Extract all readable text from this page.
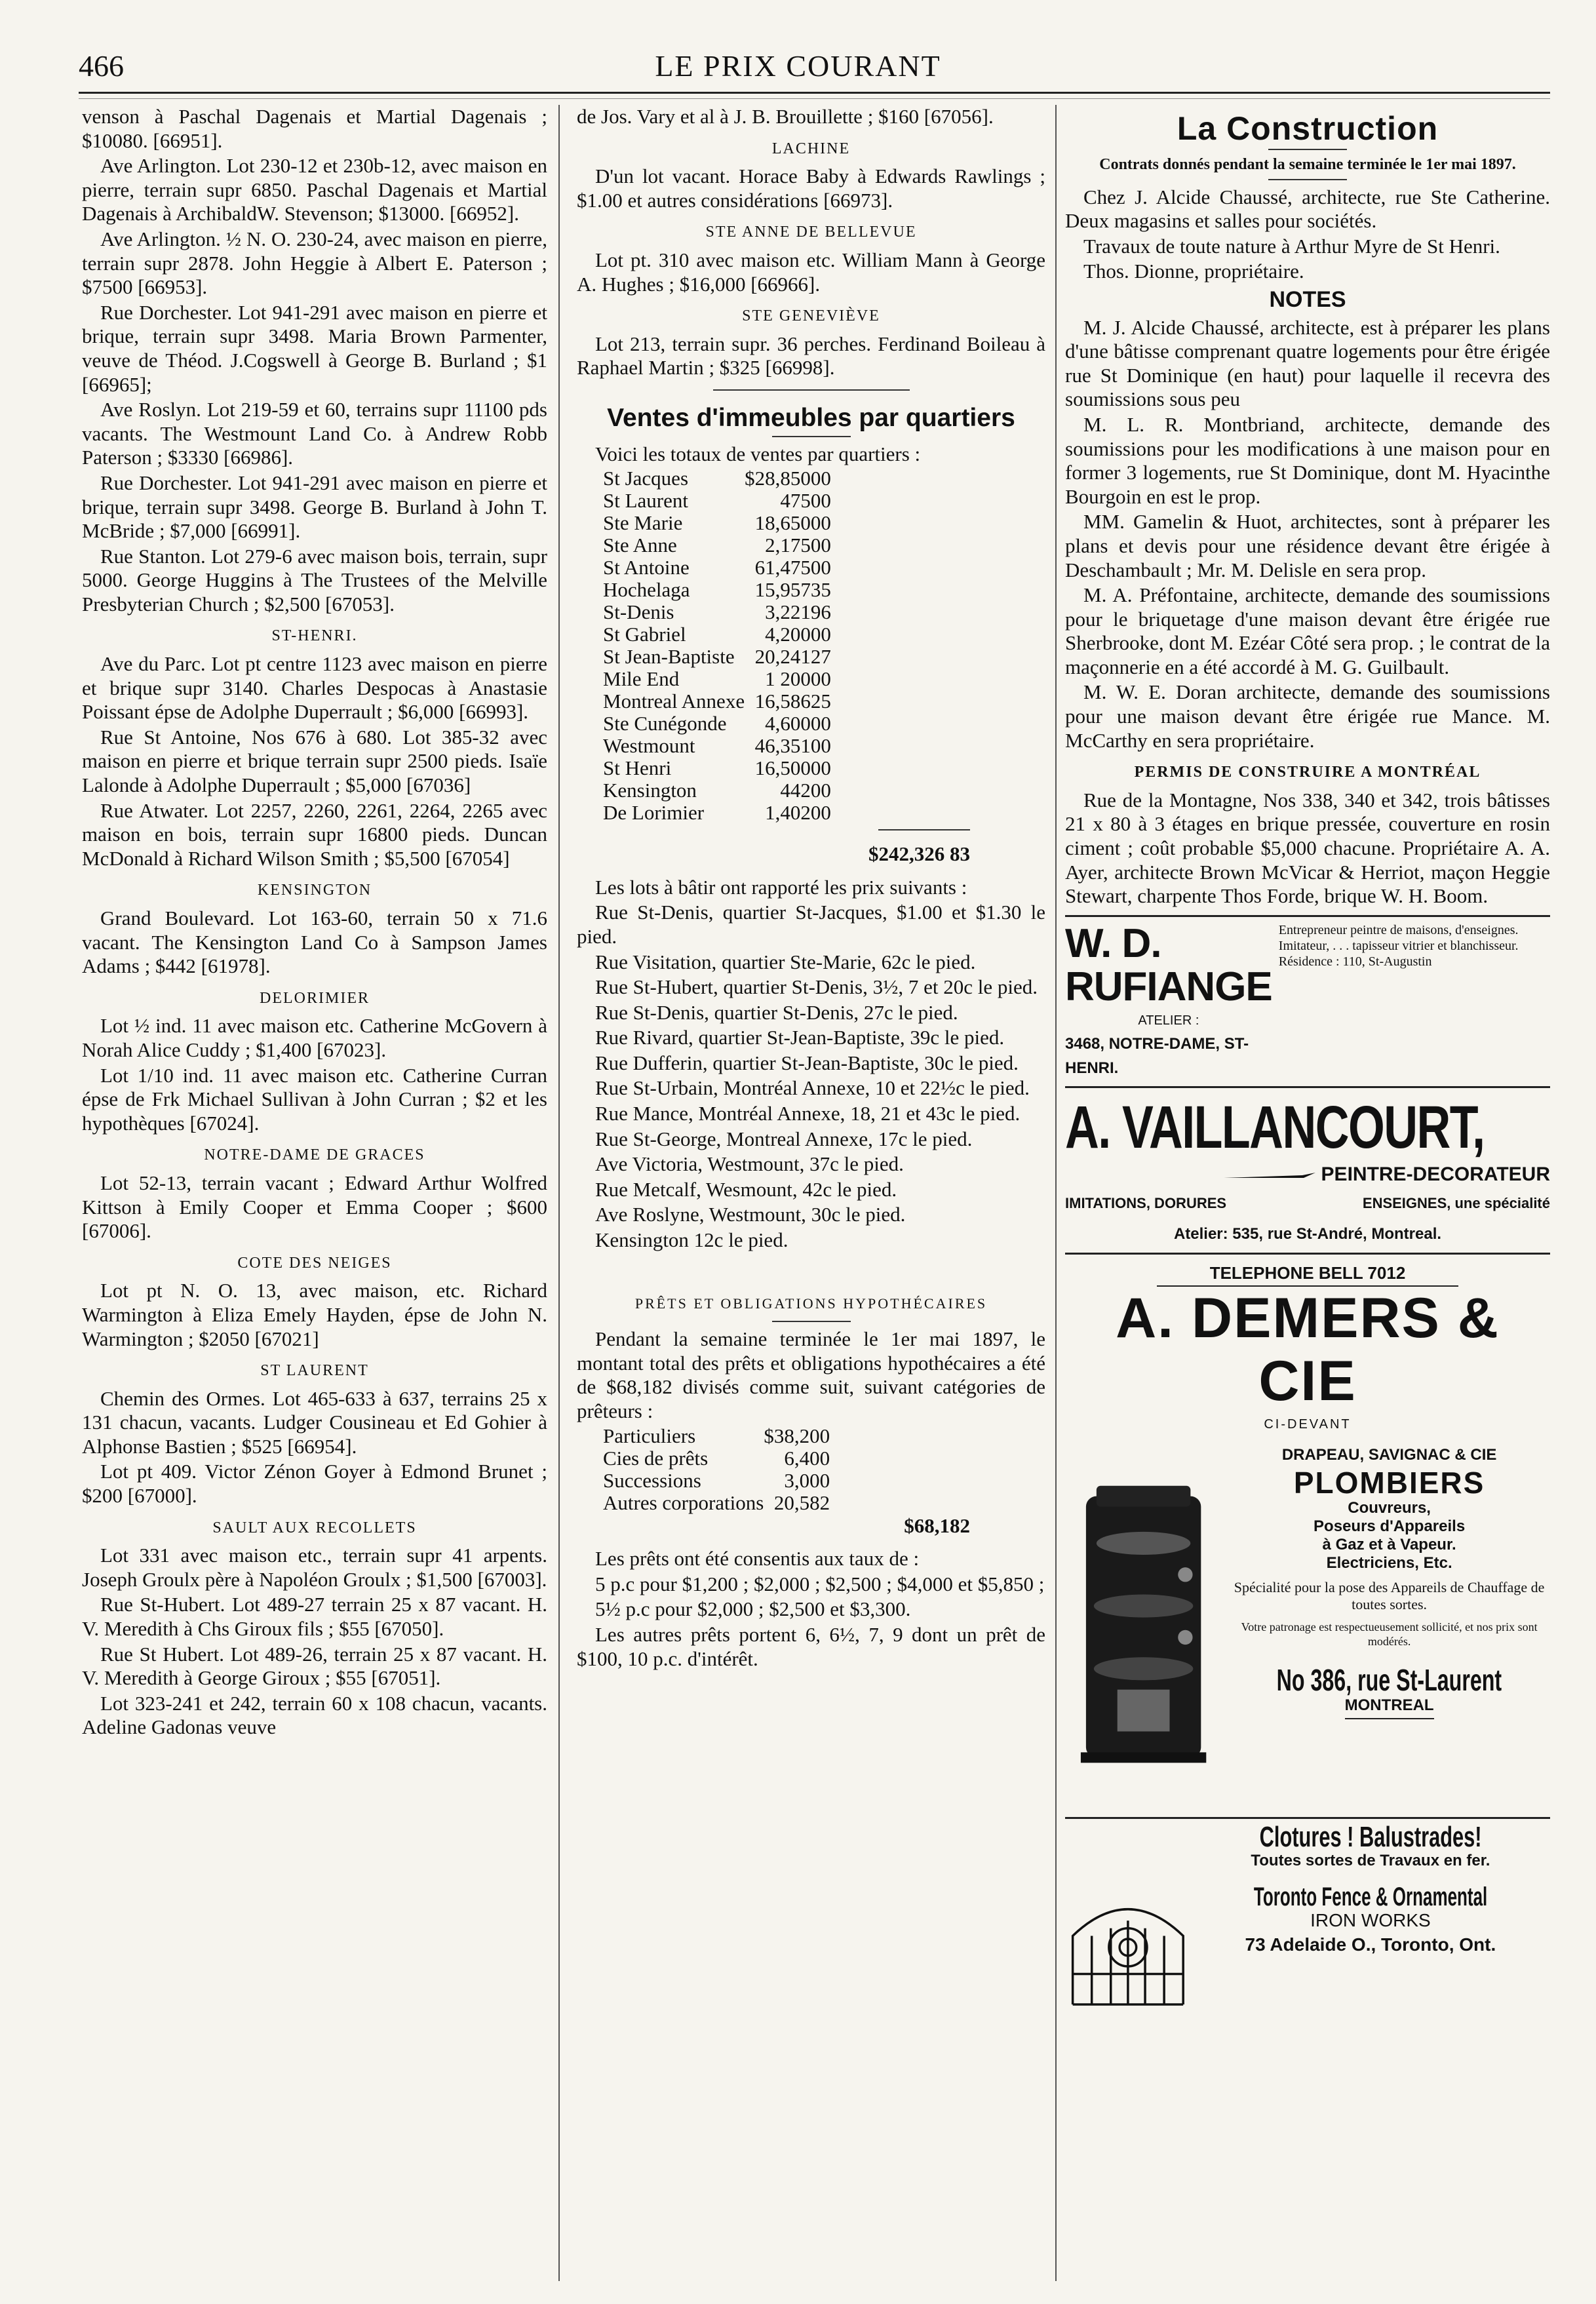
466	LE PRIX COURANT

venson à Paschal Dagenais et Martial Dagenais ; $10080. [66951].

Ave Arlington. Lot 230-12 et 230b-12, avec maison en pierre, terrain supr 6850. Paschal Dagenais et Martial Dagenais à ArchibaldW. Stevenson; $13000. [66952].

Ave Arlington. ½ N. O. 230-24, avec maison en pierre, terrain supr 2878. John Heggie à Albert E. Paterson ; $7500 [66953].

Rue Dorchester. Lot 941-291 avec maison en pierre et brique, terrain supr 3498. Maria Brown Parmenter, veuve de Théod. J.Cogswell à George B. Burland ; $1 [66965];

Ave Roslyn. Lot 219-59 et 60, terrains supr 11100 pds vacants. The Westmount Land Co. à Andrew Robb Paterson ; $3330 [66986].

Rue Dorchester. Lot 941-291 avec maison en pierre et brique, terrain supr 3498. George B. Burland à John T. McBride ; $7,000 [66991].

Rue Stanton. Lot 279-6 avec maison bois, terrain, supr 5000. George Huggins à The Trustees of the Melville Presbyterian Church ; $2,500 [67053].

ST-HENRI.

Ave du Parc. Lot pt centre 1123 avec maison en pierre et brique supr 3140. Charles Despocas à Anastasie Poissant épse de Adolphe Duperrault ; $6,000 [66993].

Rue St Antoine, Nos 676 à 680. Lot 385-32 avec maison en pierre et brique terrain supr 2500 pieds. Isaïe Lalonde à Adolphe Duperrault ; $5,000 [67036]

Rue Atwater. Lot 2257, 2260, 2261, 2264, 2265 avec maison en bois, terrain supr 16800 pieds. Duncan McDonald à Richard Wilson Smith ; $5,500 [67054]

KENSINGTON

Grand Boulevard. Lot 163-60, terrain 50 x 71.6 vacant. The Kensington Land Co à Sampson James Adams ; $442 [61978].

DELORIMIER

Lot ½ ind. 11 avec maison etc. Catherine McGovern à Norah Alice Cuddy ; $1,400 [67023].

Lot 1/10 ind. 11 avec maison etc. Catherine Curran épse de Frk Michael Sullivan à John Curran ; $2 et les hypothèques [67024].

NOTRE-DAME DE GRACES

Lot 52-13, terrain vacant ; Edward Arthur Wolfred Kittson à Emily Cooper et Emma Cooper ; $600 [67006].

COTE DES NEIGES

Lot pt N. O. 13, avec maison, etc. Richard Warmington à Eliza Emely Hayden, épse de John N. Warmington ; $2050 [67021]

ST LAURENT

Chemin des Ormes. Lot 465-633 à 637, terrains 25 x 131 chacun, vacants. Ludger Cousineau et Ed Gohier à Alphonse Bastien ; $525 [66954].

Lot pt 409. Victor Zénon Goyer à Edmond Brunet ; $200 [67000].

SAULT AUX RECOLLETS

Lot 331 avec maison etc., terrain supr 41 arpents. Joseph Groulx père à Napoléon Groulx ; $1,500 [67003].

Rue St-Hubert. Lot 489-27 terrain 25 x 87 vacant. H. V. Meredith à Chs Giroux fils ; $55 [67050].

Rue St Hubert. Lot 489-26, terrain 25 x 87 vacant. H. V. Meredith à George Giroux ; $55 [67051].

Lot 323-241 et 242, terrain 60 x 108 chacun, vacants. Adeline Gadonas veuve

de Jos. Vary et al à J. B. Brouillette ; $160 [67056].

LACHINE

D'un lot vacant. Horace Baby à Edwards Rawlings ; $1.00 et autres considérations [66973].

STE ANNE DE BELLEVUE

Lot pt. 310 avec maison etc. William Mann à George A. Hughes ; $16,000 [66966].

STE GENEVIÈVE

Lot 213, terrain supr. 36 perches. Ferdinand Boileau à Raphael Martin ; $325 [66998].

Ventes d'immeubles par quartiers

Voici les totaux de ventes par quartiers :

St Jacques	$28,850	00
St Laurent	475	00
Ste Marie	18,650	00
Ste Anne	2,175	00
St Antoine	61,475	00
Hochelaga	15,957	35
St-Denis	3,221	96
St Gabriel	4,200	00
St Jean-Baptiste	20,241	27
Mile End	1 200	00
Montreal Annexe	16,586	25
Ste Cunégonde	4,600	00
Westmount	46,351	00
St Henri	16,500	00
Kensington	442	00
De Lorimier	1,402	00
$242,326 83

Les lots à bâtir ont rapporté les prix suivants :

Rue St-Denis, quartier St-Jacques, $1.00 et $1.30 le pied.

Rue Visitation, quartier Ste-Marie, 62c le pied.

Rue St-Hubert, quartier St-Denis, 3½, 7 et 20c le pied.

Rue St-Denis, quartier St-Denis, 27c le pied.

Rue Rivard, quartier St-Jean-Baptiste, 39c le pied.

Rue Dufferin, quartier St-Jean-Baptiste, 30c le pied.

Rue St-Urbain, Montréal Annexe, 10 et 22½c le pied.

Rue Mance, Montréal Annexe, 18, 21 et 43c le pied.

Rue St-George, Montreal Annexe, 17c le pied.

Ave Victoria, Westmount, 37c le pied.

Rue Metcalf, Wesmount, 42c le pied.

Ave Roslyne, Westmount, 30c le pied.

Kensington 12c le pied.

PRÊTS ET OBLIGATIONS HYPOTHÉCAIRES

Pendant la semaine terminée le 1er mai 1897, le montant total des prêts et obligations hypothécaires a été de $68,182 divisés comme suit, suivant catégories de prêteurs :

Particuliers	$38,200
Cies de prêts	6,400
Successions	3,000
Autres corporations	20,582
$68,182

Les prêts ont été consentis aux taux de :

5 p.c pour $1,200 ; $2,000 ; $2,500 ; $4,000 et $5,850 ;

5½ p.c pour $2,000 ; $2,500 et $3,300.

Les autres prêts portent 6, 6½, 7, 9 dont un prêt de $100, 10 p.c. d'intérêt.

La Construction
Contrats donnés pendant la semaine terminée le 1er mai 1897.

Chez J. Alcide Chaussé, architecte, rue Ste Catherine. Deux magasins et salles pour sociétés.

Travaux de toute nature à Arthur Myre de St Henri.

Thos. Dionne, propriétaire.

NOTES

M. J. Alcide Chaussé, architecte, est à préparer les plans d'une bâtisse comprenant quatre logements pour être érigée rue St Dominique (en haut) pour laquelle il recevra des soumissions sous peu

M. L. R. Montbriand, architecte, demande des soumissions pour les modifications à une maison pour en former 3 logements, rue St Dominique, dont M. Hyacinthe Bourgoin en est le prop.

MM. Gamelin & Huot, architectes, sont à préparer les plans et devis pour une résidence devant être érigée à Deschambault ; Mr. M. Delisle en sera prop.

M. A. Préfontaine, architecte, demande des soumissions pour le briquetage d'une maison devant être érigée rue Sherbrooke, dont M. Ezéar Côté sera prop. ; le contrat de la maçonnerie en a été accordé à M. G. Guilbault.

M. W. E. Doran architecte, demande des soumissions pour une maison devant être érigée rue Mance. M. McCarthy en sera propriétaire.

PERMIS DE CONSTRUIRE A MONTRÉAL

Rue de la Montagne, Nos 338, 340 et 342, trois bâtisses 21 x 80 à 3 étages en brique pressée, couverture en rosin ciment ; coût probable $5,000 chacune. Propriétaire A. A. Ayer, architecte Brown McVicar & Herriot, maçon Heggie Stewart, charpente Thos Forde, brique W. H. Boom.

W. D. RUFIANGE
ATELIER :
3468, NOTRE-DAME, ST-HENRI.
Entrepreneur peintre de maisons, d'enseignes.
Imitateur, . . . tapisseur vitrier et blanchisseur. Résidence : 110, St-Augustin
A. VAILLANCOURT,
PEINTRE-DECORATEUR
IMITATIONS, DORURES	ENSEIGNES, une spécialité
Atelier: 535, rue St-André, Montreal.
TELEPHONE BELL 7012
A. DEMERS & CIE
CI-DEVANT
DRAPEAU, SAVIGNAC & CIE
PLOMBIERS
Couvreurs,
Poseurs d'Appareils
à Gaz et à Vapeur.
Electriciens, Etc.
Spécialité pour la pose des Appareils de Chauffage de toutes sortes.
Votre patronage est respectueusement sollicité, et nos prix sont modérés.
No 386, rue St-Laurent
MONTREAL
Clotures ! Balustrades!
Toutes sortes de Travaux en fer.
Toronto Fence & Ornamental
IRON WORKS
73 Adelaide O., Toronto, Ont.
